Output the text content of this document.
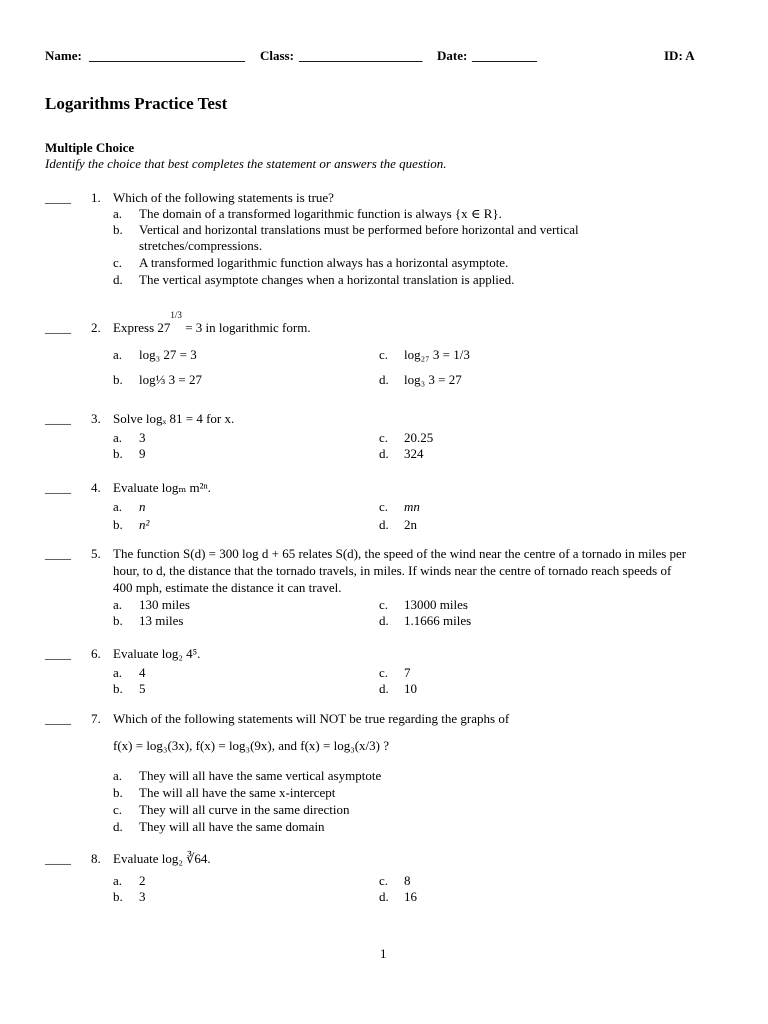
Name: ________________________ Class: ___________________ Date: __________	ID: A
Logarithms Practice Test
Multiple Choice
Identify the choice that best completes the statement or answers the question.
____ 1. Which of the following statements is true?
a. The domain of a transformed logarithmic function is always {x ∈ R}.
b. Vertical and horizontal translations must be performed before horizontal and vertical
stretches/compressions.
c. A transformed logarithmic function always has a horizontal asymptote.
d. The vertical asymptote changes when a horizontal translation is applied.
____ 2. Express $27^{1/3} = 3$ in logarithmic form.
a. log₃ 27 = 3	c. log₂₇ 3 = 1/3
b. log⅓ 3 = 27	d. log₃ 3 = 27
____ 3. Solve logₓ 81 = 4 for x.
a. 3	c. 20.25
b. 9	d. 324
____ 4. Evaluate logₘ m²ⁿ.
a. n	c. mn
b. n²	d. 2n
____ 5. The function S(d) = 300 log d + 65 relates S(d), the speed of the wind near the centre of a tornado in miles per
hour, to d, the distance that the tornado travels, in miles. If winds near the centre of tornado reach speeds of
400 mph, estimate the distance it can travel.
a. 130 miles	c. 13000 miles
b. 13 miles	d. 1.1666 miles
____ 6. Evaluate log₂ 4⁵.
a. 4	c. 7
b. 5	d. 10
____ 7. Which of the following statements will NOT be true regarding the graphs of
f(x) = log₃(3x), f(x) = log₃(9x), and f(x) = log₃(x/3) ?
a. They will all have the same vertical asymptote
b. The will all have the same x-intercept
c. They will all curve in the same direction
d. They will all have the same domain
____ 8. Evaluate log₂ ∛64.
a. 2	c. 8
b. 3	d. 16
1
